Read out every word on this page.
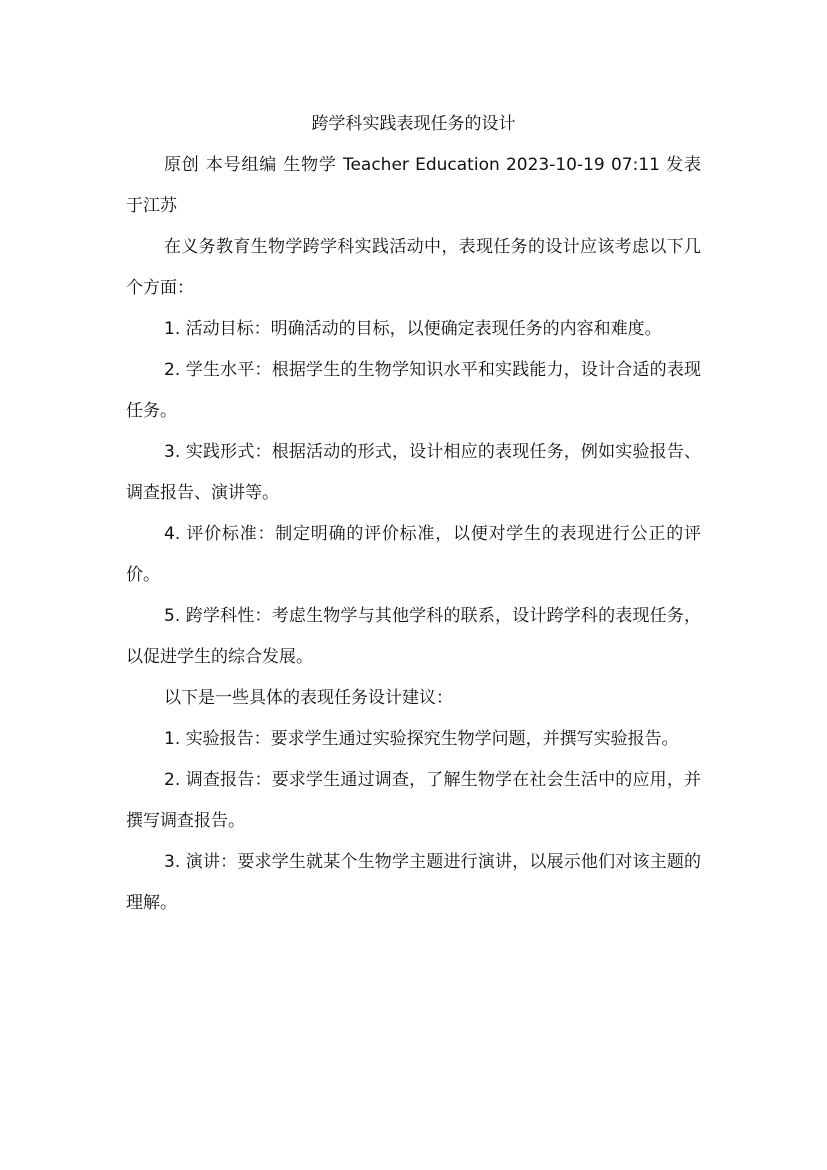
跨学科实践表现任务的设计

原创 本号组编 生物学 Teacher Education 2023-10-19 07:11 发表于江苏

在义务教育生物学跨学科实践活动中，表现任务的设计应该考虑以下几个方面：

1. 活动目标：明确活动的目标，以便确定表现任务的内容和难度。

2. 学生水平：根据学生的生物学知识水平和实践能力，设计合适的表现任务。

3. 实践形式：根据活动的形式，设计相应的表现任务，例如实验报告、调查报告、演讲等。

4. 评价标准：制定明确的评价标准，以便对学生的表现进行公正的评价。

5. 跨学科性：考虑生物学与其他学科的联系，设计跨学科的表现任务，以促进学生的综合发展。

以下是一些具体的表现任务设计建议：

1. 实验报告：要求学生通过实验探究生物学问题，并撰写实验报告。

2. 调查报告：要求学生通过调查，了解生物学在社会生活中的应用，并撰写调查报告。

3. 演讲：要求学生就某个生物学主题进行演讲，以展示他们对该主题的理解。
